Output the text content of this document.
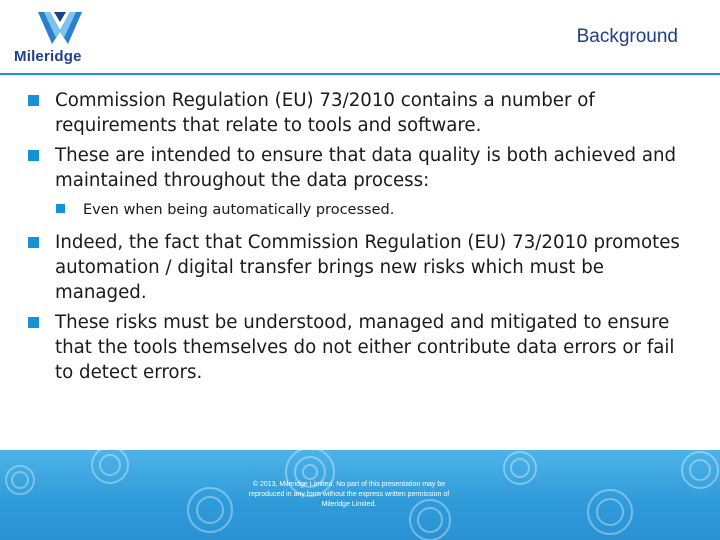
Mileridge
Background
Commission Regulation (EU) 73/2010 contains a number of requirements that relate to tools and software.
These are intended to ensure that data quality is both achieved and maintained throughout the data process:
Even when being automatically processed.
Indeed, the fact that Commission Regulation (EU) 73/2010 promotes automation / digital transfer brings new risks which must be managed.
These risks must be understood, managed and mitigated to ensure that the tools themselves do not either contribute data errors or fail to detect errors.
© 2013, Mileridge Limited. No part of this presentation may be reproduced in any form without the express written permission of Mileridge Limited.
